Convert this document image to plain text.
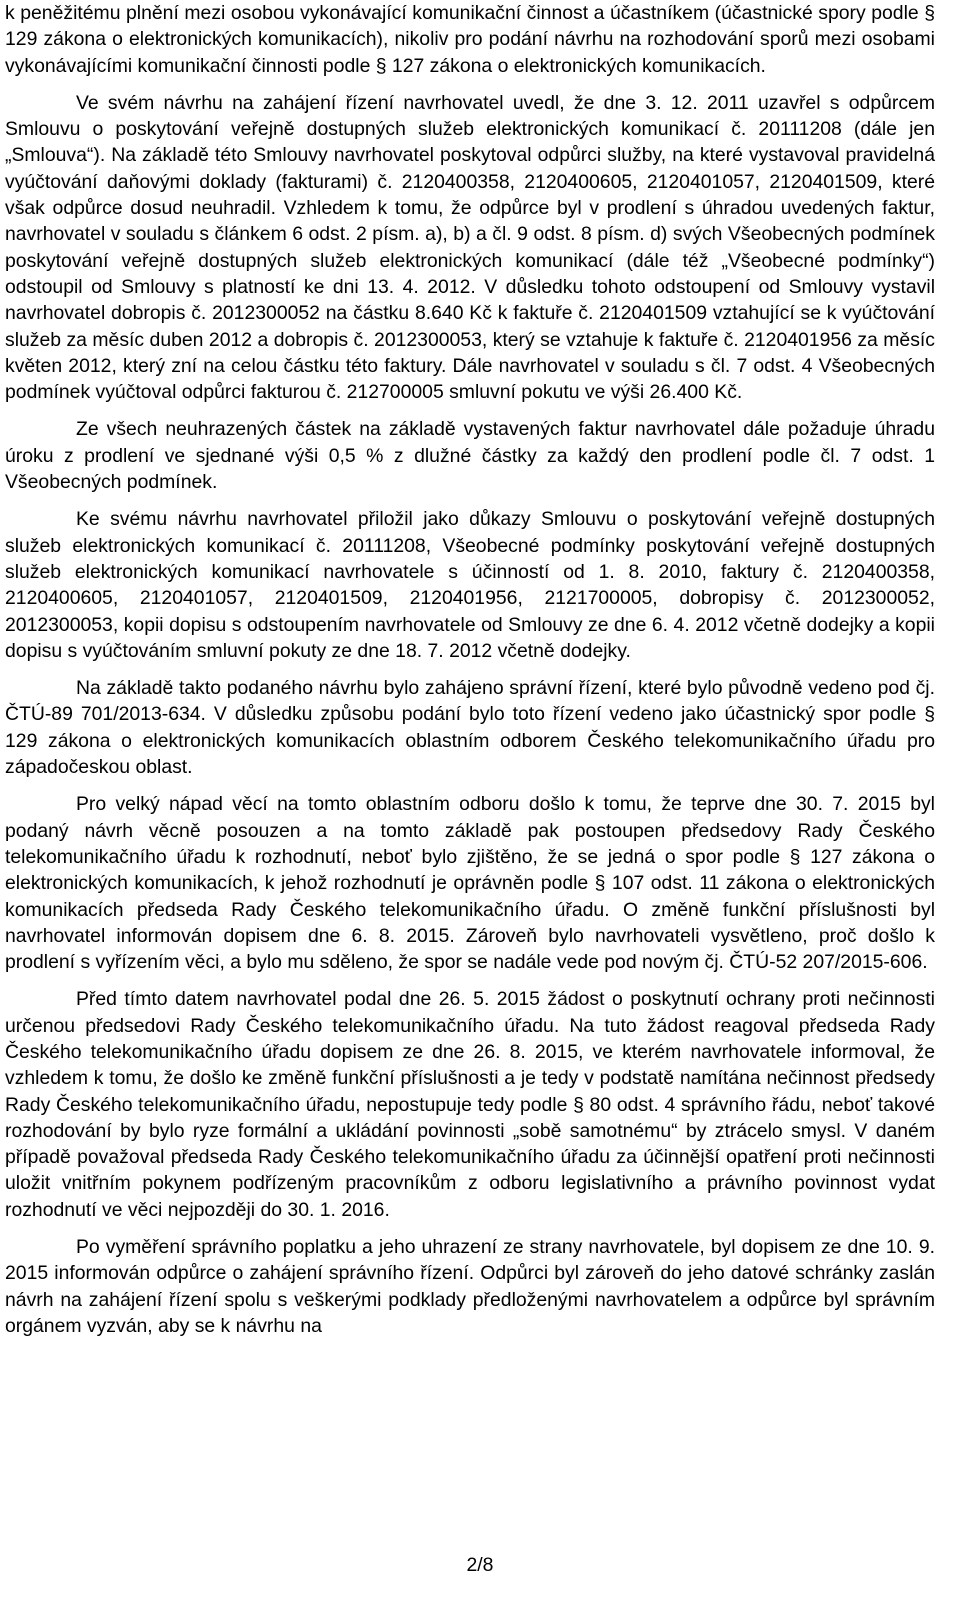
k peněžitému plnění mezi osobou vykonávající komunikační činnost a účastníkem (účastnické spory podle § 129 zákona o elektronických komunikacích), nikoliv pro podání návrhu na rozhodování sporů mezi osobami vykonávajícími komunikační činnosti podle § 127 zákona o elektronických komunikacích.

Ve svém návrhu na zahájení řízení navrhovatel uvedl, že dne 3. 12. 2011 uzavřel s odpůrcem Smlouvu o poskytování veřejně dostupných služeb elektronických komunikací č. 20111208 (dále jen „Smlouva“). Na základě této Smlouvy navrhovatel poskytoval odpůrci služby, na které vystavoval pravidelná vyúčtování daňovými doklady (fakturami) č. 2120400358, 2120400605, 2120401057, 2120401509, které však odpůrce dosud neuhradil. Vzhledem k tomu, že odpůrce byl v prodlení s úhradou uvedených faktur, navrhovatel v souladu s článkem 6 odst. 2 písm. a), b) a čl. 9 odst. 8 písm. d) svých Všeobecných podmínek poskytování veřejně dostupných služeb elektronických komunikací (dále též „Všeobecné podmínky“) odstoupil od Smlouvy s platností ke dni 13. 4. 2012. V důsledku tohoto odstoupení od Smlouvy vystavil navrhovatel dobropis č. 2012300052 na částku 8.640 Kč k faktuře č. 2120401509 vztahující se k vyúčtování služeb za měsíc duben 2012 a dobropis č. 2012300053, který se vztahuje k faktuře č. 2120401956 za měsíc květen 2012, který zní na celou částku této faktury. Dále navrhovatel v souladu s čl. 7 odst. 4 Všeobecných podmínek vyúčtoval odpůrci fakturou č. 212700005 smluvní pokutu ve výši 26.400 Kč.

Ze všech neuhrazených částek na základě vystavených faktur navrhovatel dále požaduje úhradu úroku z prodlení ve sjednané výši 0,5 % z dlužné částky za každý den prodlení podle čl. 7 odst. 1 Všeobecných podmínek.

Ke svému návrhu navrhovatel přiložil jako důkazy Smlouvu o poskytování veřejně dostupných služeb elektronických komunikací č. 20111208, Všeobecné podmínky poskytování veřejně dostupných služeb elektronických komunikací navrhovatele s účinností od 1. 8. 2010, faktury č. 2120400358, 2120400605, 2120401057, 2120401509, 2120401956, 2121700005, dobropisy č. 2012300052, 2012300053, kopii dopisu s odstoupením navrhovatele od Smlouvy ze dne 6. 4. 2012 včetně dodejky a kopii dopisu s vyúčtováním smluvní pokuty ze dne 18. 7. 2012 včetně dodejky.

Na základě takto podaného návrhu bylo zahájeno správní řízení, které bylo původně vedeno pod čj. ČTÚ-89 701/2013-634. V důsledku způsobu podání bylo toto řízení vedeno jako účastnický spor podle § 129 zákona o elektronických komunikacích oblastním odborem Českého telekomunikačního úřadu pro západočeskou oblast.

Pro velký nápad věcí na tomto oblastním odboru došlo k tomu, že teprve dne 30. 7. 2015 byl podaný návrh věcně posouzen a na tomto základě pak postoupen předsedovy Rady Českého telekomunikačního úřadu k rozhodnutí, neboť bylo zjištěno, že se jedná o spor podle § 127 zákona o elektronických komunikacích, k jehož rozhodnutí je oprávněn podle § 107 odst. 11 zákona o elektronických komunikacích předseda Rady Českého telekomunikačního úřadu. O změně funkční příslušnosti byl navrhovatel informován dopisem dne 6. 8. 2015. Zároveň bylo navrhovateli vysvětleno, proč došlo k prodlení s vyřízením věci, a bylo mu sděleno, že spor se nadále vede pod novým čj. ČTÚ-52 207/2015-606.

Před tímto datem navrhovatel podal dne 26. 5. 2015 žádost o poskytnutí ochrany proti nečinnosti určenou předsedovi Rady Českého telekomunikačního úřadu. Na tuto žádost reagoval předseda Rady Českého telekomunikačního úřadu dopisem ze dne 26. 8. 2015, ve kterém navrhovatele informoval, že vzhledem k tomu, že došlo ke změně funkční příslušnosti a je tedy v podstatě namítána nečinnost předsedy Rady Českého telekomunikačního úřadu, nepostupuje tedy podle § 80 odst. 4 správního řádu, neboť takové rozhodování by bylo ryze formální a ukládání povinnosti „sobě samotnému“ by ztrácelo smysl. V daném případě považoval předseda Rady Českého telekomunikačního úřadu za účinnější opatření proti nečinnosti uložit vnitřním pokynem podřízeným pracovníkům z odboru legislativního a právního povinnost vydat rozhodnutí ve věci nejpozději do 30. 1. 2016.

Po vyměření správního poplatku a jeho uhrazení ze strany navrhovatele, byl dopisem ze dne 10. 9. 2015 informován odpůrce o zahájení správního řízení. Odpůrci byl zároveň do jeho datové schránky zaslán návrh na zahájení řízení spolu s veškerými podklady předloženými navrhovatelem a odpůrce byl správním orgánem vyzván, aby se k návrhu na

2/8
